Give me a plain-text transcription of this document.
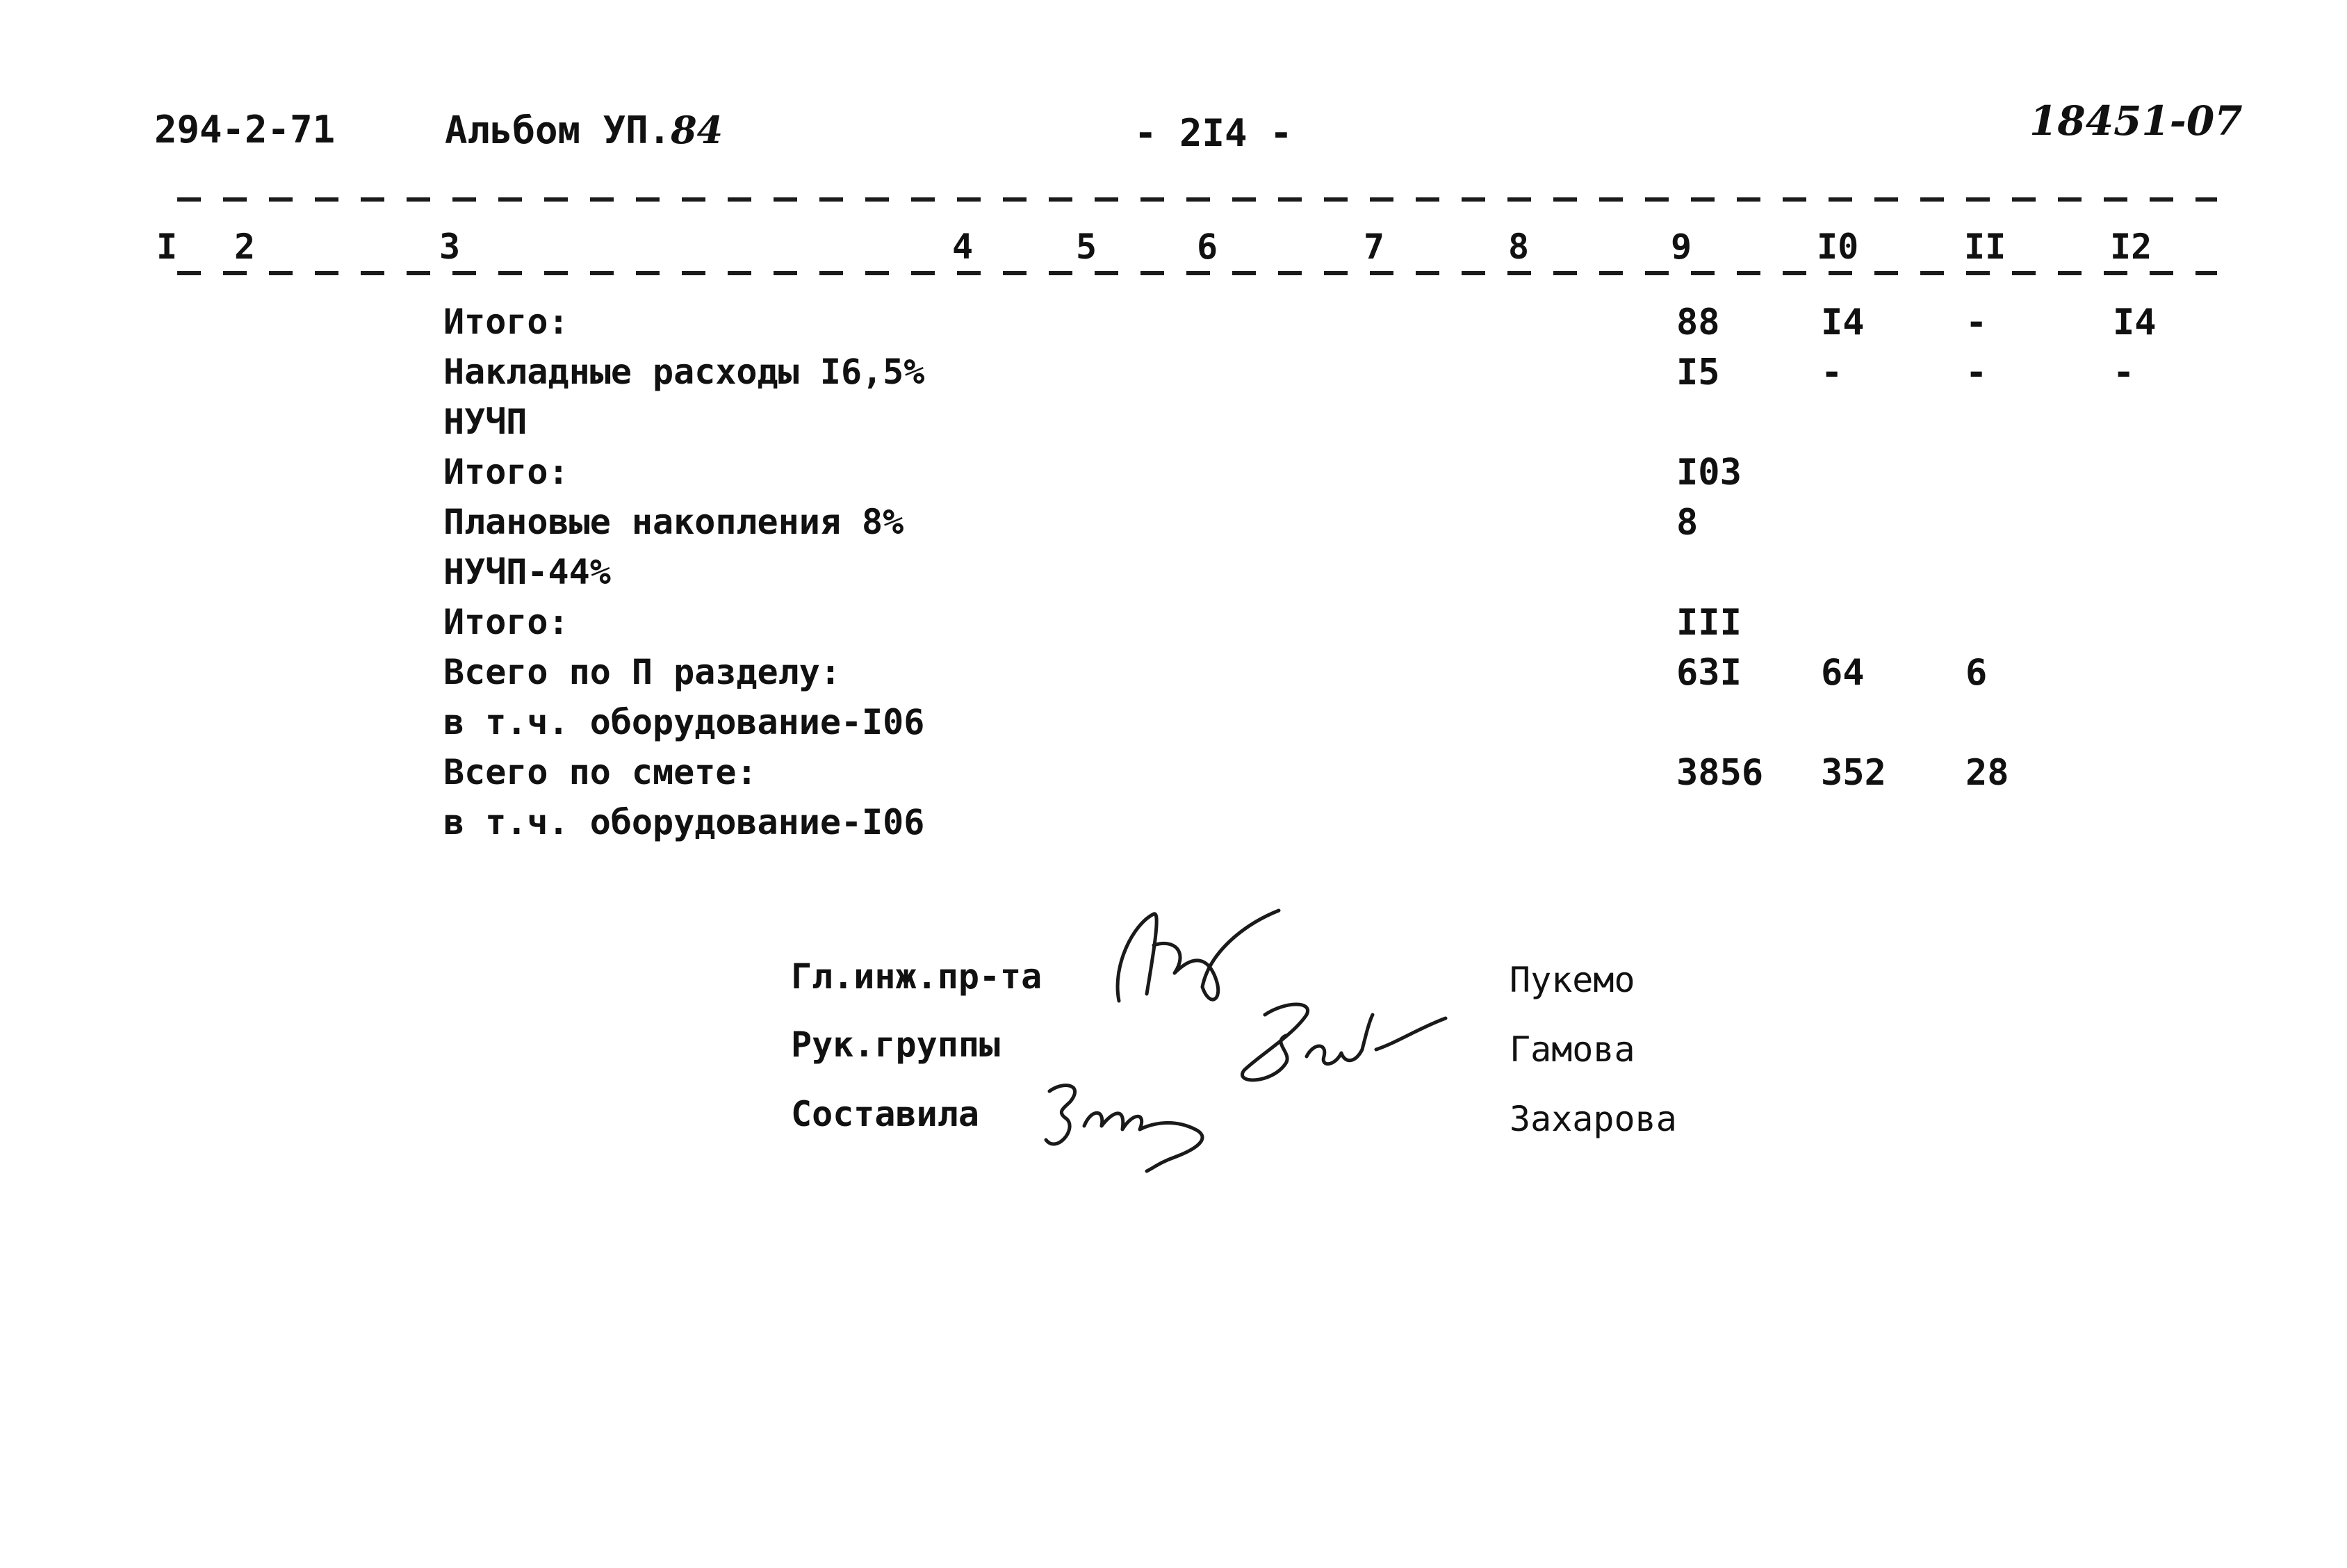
294-2-71	Альбом УП.84	- 2I4 -	18451-07
I 2	3	4	5	6	7	8	9	I0	II	I2
Итого:	88	I4	-	I4
Накладные расходы I6,5%	I5	-	-	-
НУЧП
Итого:	I03
Плановые накопления 8%	8
НУЧП-44%
Итого:	III
Всего по П разделу:	63I 64	6
в т.ч. оборудование-I06
Всего по смете:	3856 352 28
в т.ч. оборудование-I06
Гл.инж.пр-та
Рук.группы
Составила
Пукемо
Гамова
Захарова
